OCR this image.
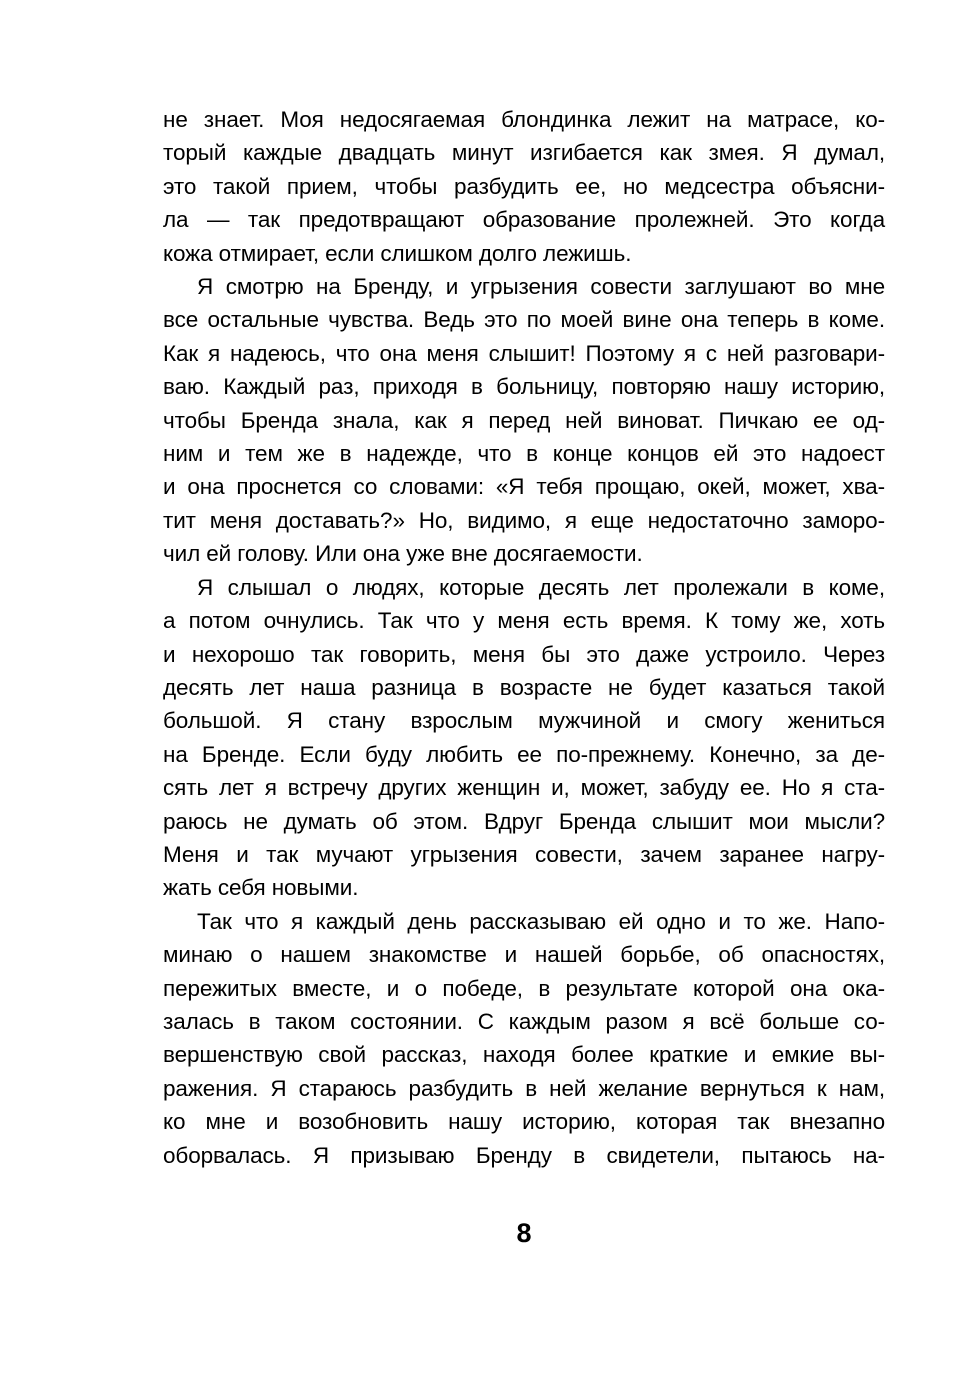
не знает. Моя недосягаемая блондинка лежит на матрасе, ко-
торый каждые двадцать минут изгибается как змея. Я думал,
это такой прием, чтобы разбудить ее, но медсестра объясни-
ла — так предотвращают образование пролежней. Это когда
кожа отмирает, если слишком долго лежишь.
Я смотрю на Бренду, и угрызения совести заглушают во мне
все остальные чувства. Ведь это по моей вине она теперь в коме.
Как я надеюсь, что она меня слышит! Поэтому я с ней разговари-
ваю. Каждый раз, приходя в больницу, повторяю нашу историю,
чтобы Бренда знала, как я перед ней виноват. Пичкаю ее од-
ним и тем же в надежде, что в конце концов ей это надоест
и она проснется со словами: «Я тебя прощаю, окей, может, хва-
тит меня доставать?» Но, видимо, я еще недостаточно заморо-
чил ей голову. Или она уже вне досягаемости.
Я слышал о людях, которые десять лет пролежали в коме,
а потом очнулись. Так что у меня есть время. К тому же, хоть
и нехорошо так говорить, меня бы это даже устроило. Через
десять лет наша разница в возрасте не будет казаться такой
большой. Я стану взрослым мужчиной и смогу жениться
на Бренде. Если буду любить ее по-прежнему. Конечно, за де-
сять лет я встречу других женщин и, может, забуду ее. Но я ста-
раюсь не думать об этом. Вдруг Бренда слышит мои мысли?
Меня и так мучают угрызения совести, зачем заранее нагру-
жать себя новыми.
Так что я каждый день рассказываю ей одно и то же. Напо-
минаю о нашем знакомстве и нашей борьбе, об опасностях,
пережитых вместе, и о победе, в результате которой она ока-
залась в таком состоянии. С каждым разом я всё больше со-
вершенствую свой рассказ, находя более краткие и емкие вы-
ражения. Я стараюсь разбудить в ней желание вернуться к нам,
ко мне и возобновить нашу историю, которая так внезапно
оборвалась. Я призываю Бренду в свидетели, пытаюсь на-
8
